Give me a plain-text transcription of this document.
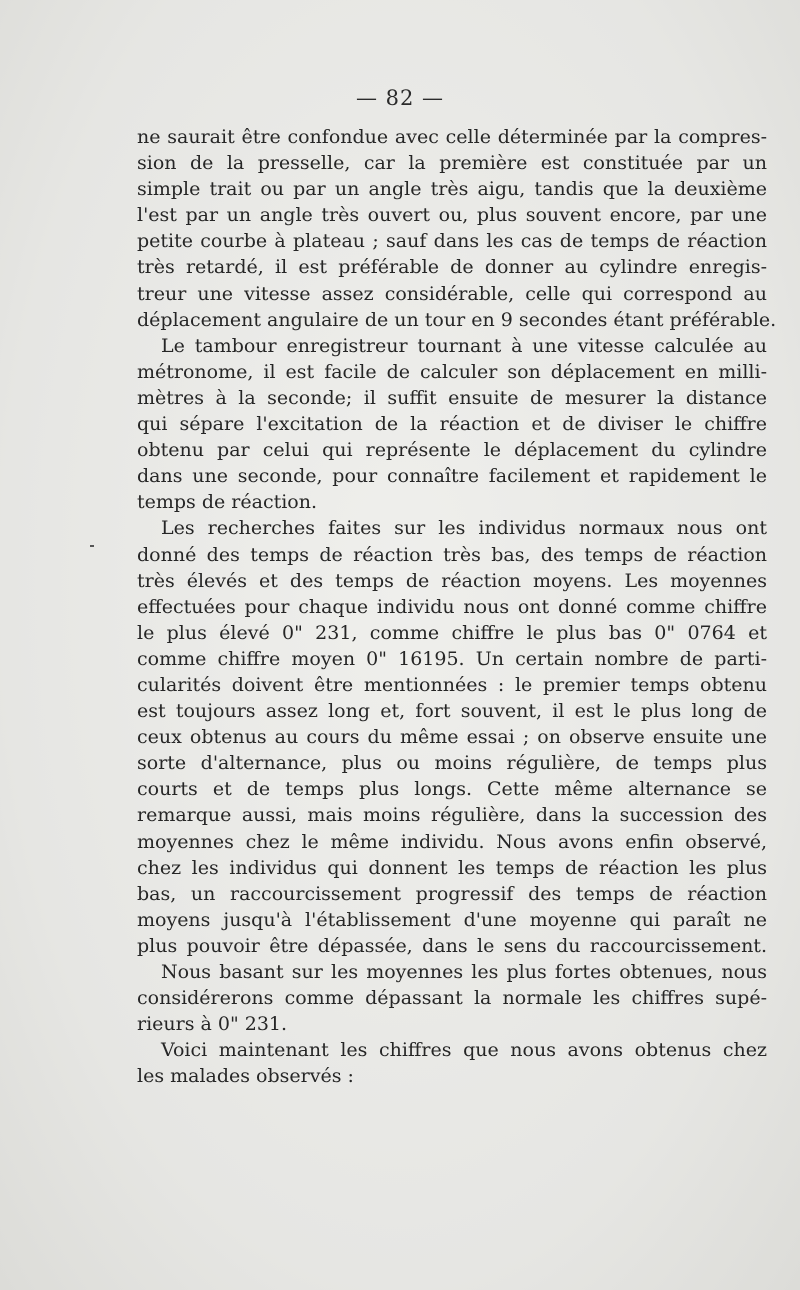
— 82 —
ne saurait être confondue avec celle déterminée par la compres-
sion de la presselle, car la première est constituée par un
simple trait ou par un angle très aigu, tandis que la deuxième
l'est par un angle très ouvert ou, plus souvent encore, par une
petite courbe à plateau ; sauf dans les cas de temps de réaction
très retardé, il est préférable de donner au cylindre enregis-
treur une vitesse assez considérable, celle qui correspond au
déplacement angulaire de un tour en 9 secondes étant préférable.
Le tambour enregistreur tournant à une vitesse calculée au
métronome, il est facile de calculer son déplacement en milli-
mètres à la seconde; il suffit ensuite de mesurer la distance
qui sépare l'excitation de la réaction et de diviser le chiffre
obtenu par celui qui représente le déplacement du cylindre
dans une seconde, pour connaître facilement et rapidement le
temps de réaction.
Les recherches faites sur les individus normaux nous ont
donné des temps de réaction très bas, des temps de réaction
très élevés et des temps de réaction moyens. Les moyennes
effectuées pour chaque individu nous ont donné comme chiffre
le plus élevé 0" 231, comme chiffre le plus bas 0" 0764 et
comme chiffre moyen 0" 16195. Un certain nombre de parti-
cularités doivent être mentionnées : le premier temps obtenu
est toujours assez long et, fort souvent, il est le plus long de
ceux obtenus au cours du même essai ; on observe ensuite une
sorte d'alternance, plus ou moins régulière, de temps plus
courts et de temps plus longs. Cette même alternance se
remarque aussi, mais moins régulière, dans la succession des
moyennes chez le même individu. Nous avons enfin observé,
chez les individus qui donnent les temps de réaction les plus
bas, un raccourcissement progressif des temps de réaction
moyens jusqu'à l'établissement d'une moyenne qui paraît ne
plus pouvoir être dépassée, dans le sens du raccourcissement.
Nous basant sur les moyennes les plus fortes obtenues, nous
considérerons comme dépassant la normale les chiffres supé-
rieurs à 0" 231.
Voici maintenant les chiffres que nous avons obtenus chez
les malades observés :
